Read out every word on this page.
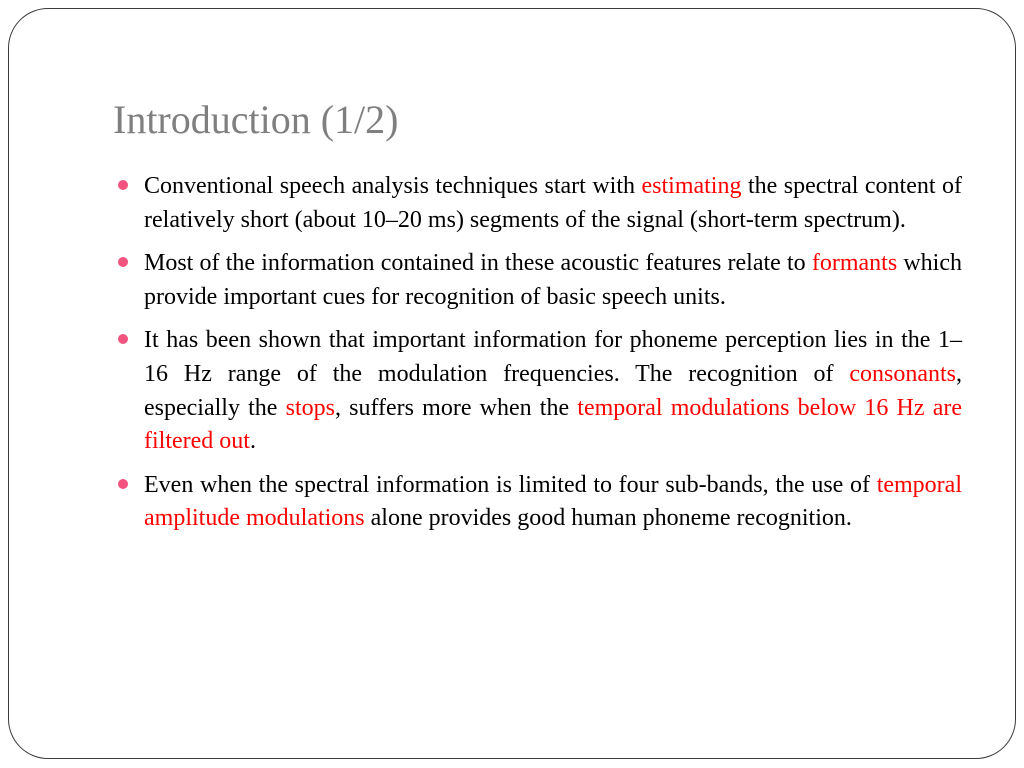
Introduction (1/2)
Conventional speech analysis techniques start with estimating the spectral content of relatively short (about 10–20 ms) segments of the signal (short-term spectrum).
Most of the information contained in these acoustic features relate to formants which provide important cues for recognition of basic speech units.
It has been shown that important information for phoneme perception lies in the 1–16 Hz range of the modulation frequencies. The recognition of consonants, especially the stops, suffers more when the temporal modulations below 16 Hz are filtered out.
Even when the spectral information is limited to four sub-bands, the use of temporal amplitude modulations alone provides good human phoneme recognition.
